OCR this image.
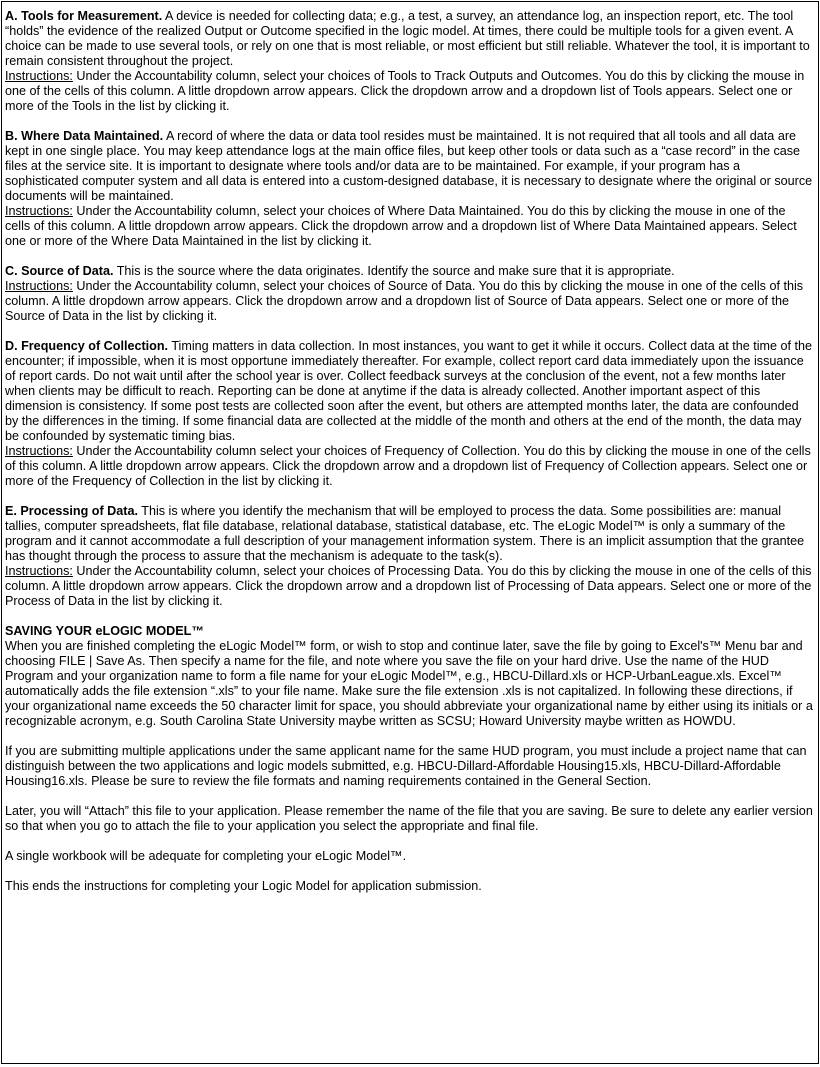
A. Tools for Measurement. A device is needed for collecting data; e.g., a test, a survey, an attendance log, an inspection report, etc. The tool “holds” the evidence of the realized Output or Outcome specified in the logic model. At times, there could be multiple tools for a given event. A choice can be made to use several tools, or rely on one that is most reliable, or most efficient but still reliable. Whatever the tool, it is important to remain consistent throughout the project.

Instructions: Under the Accountability column, select your choices of Tools to Track Outputs and Outcomes. You do this by clicking the mouse in one of the cells of this column. A little dropdown arrow appears. Click the dropdown arrow and a dropdown list of Tools appears. Select one or more of the Tools in the list by clicking it.

B. Where Data Maintained. A record of where the data or data tool resides must be maintained. It is not required that all tools and all data are kept in one single place. You may keep attendance logs at the main office files, but keep other tools or data such as a “case record” in the case files at the service site. It is important to designate where tools and/or data are to be maintained. For example, if your program has a sophisticated computer system and all data is entered into a custom-designed database, it is necessary to designate where the original or source documents will be maintained.

Instructions: Under the Accountability column, select your choices of Where Data Maintained. You do this by clicking the mouse in one of the cells of this column. A little dropdown arrow appears. Click the dropdown arrow and a dropdown list of Where Data Maintained appears. Select one or more of the Where Data Maintained in the list by clicking it.

C. Source of Data. This is the source where the data originates. Identify the source and make sure that it is appropriate.

Instructions: Under the Accountability column, select your choices of Source of Data. You do this by clicking the mouse in one of the cells of this column. A little dropdown arrow appears. Click the dropdown arrow and a dropdown list of Source of Data appears. Select one or more of the Source of Data in the list by clicking it.

D. Frequency of Collection. Timing matters in data collection. In most instances, you want to get it while it occurs. Collect data at the time of the encounter; if impossible, when it is most opportune immediately thereafter. For example, collect report card data immediately upon the issuance of report cards. Do not wait until after the school year is over. Collect feedback surveys at the conclusion of the event, not a few months later when clients may be difficult to reach. Reporting can be done at anytime if the data is already collected. Another important aspect of this dimension is consistency. If some post tests are collected soon after the event, but others are attempted months later, the data are confounded by the differences in the timing. If some financial data are collected at the middle of the month and others at the end of the month, the data may be confounded by systematic timing bias.

Instructions: Under the Accountability column select your choices of Frequency of Collection. You do this by clicking the mouse in one of the cells of this column. A little dropdown arrow appears. Click the dropdown arrow and a dropdown list of Frequency of Collection appears. Select one or more of the Frequency of Collection in the list by clicking it.

E. Processing of Data. This is where you identify the mechanism that will be employed to process the data. Some possibilities are: manual tallies, computer spreadsheets, flat file database, relational database, statistical database, etc. The eLogic Model™ is only a summary of the program and it cannot accommodate a full description of your management information system. There is an implicit assumption that the grantee has thought through the process to assure that the mechanism is adequate to the task(s).

Instructions: Under the Accountability column, select your choices of Processing Data. You do this by clicking the mouse in one of the cells of this column. A little dropdown arrow appears. Click the dropdown arrow and a dropdown list of Processing of Data appears. Select one or more of the Process of Data in the list by clicking it.

SAVING YOUR eLOGIC MODEL™

When you are finished completing the eLogic Model™ form, or wish to stop and continue later, save the file by going to Excel's™ Menu bar and choosing FILE | Save As. Then specify a name for the file, and note where you save the file on your hard drive. Use the name of the HUD Program and your organization name to form a file name for your eLogic Model™, e.g., HBCU-Dillard.xls or HCP-UrbanLeague.xls. Excel™ automatically adds the file extension “.xls” to your file name. Make sure the file extension .xls is not capitalized. In following these directions, if your organizational name exceeds the 50 character limit for space, you should abbreviate your organizational name by either using its initials or a recognizable acronym, e.g. South Carolina State University maybe written as SCSU; Howard University maybe written as HOWDU.

If you are submitting multiple applications under the same applicant name for the same HUD program, you must include a project name that can distinguish between the two applications and logic models submitted, e.g. HBCU-Dillard-Affordable Housing15.xls, HBCU-Dillard-Affordable Housing16.xls. Please be sure to review the file formats and naming requirements contained in the General Section.

Later, you will “Attach” this file to your application. Please remember the name of the file that you are saving. Be sure to delete any earlier version so that when you go to attach the file to your application you select the appropriate and final file.

A single workbook will be adequate for completing your eLogic Model™.

This ends the instructions for completing your Logic Model for application submission.
